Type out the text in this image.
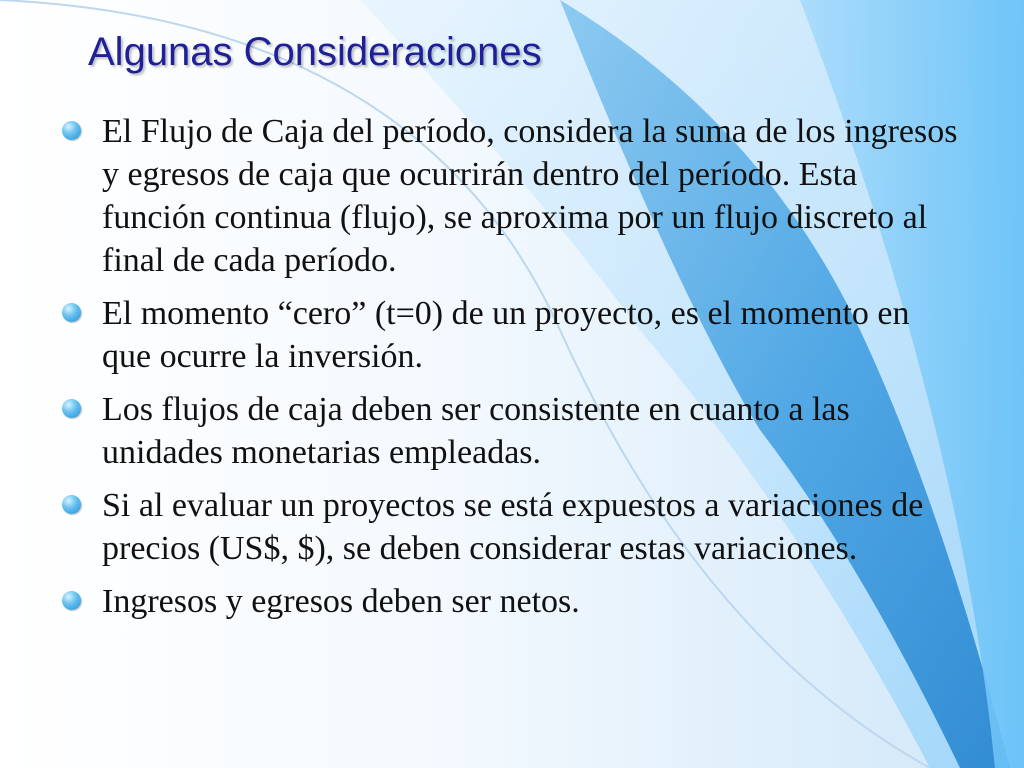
Algunas Consideraciones
El Flujo de Caja del período, considera la suma de los ingresos y egresos de caja que ocurrirán dentro del período. Esta función continua (flujo), se aproxima por un flujo discreto al final de cada período.
El momento “cero” (t=0) de un proyecto, es el momento en que ocurre la inversión.
Los flujos de caja deben ser consistente en cuanto a las unidades monetarias empleadas.
Si al evaluar un proyectos se está expuestos a variaciones de precios (US$, $), se deben considerar estas variaciones.
Ingresos y egresos deben ser netos.
